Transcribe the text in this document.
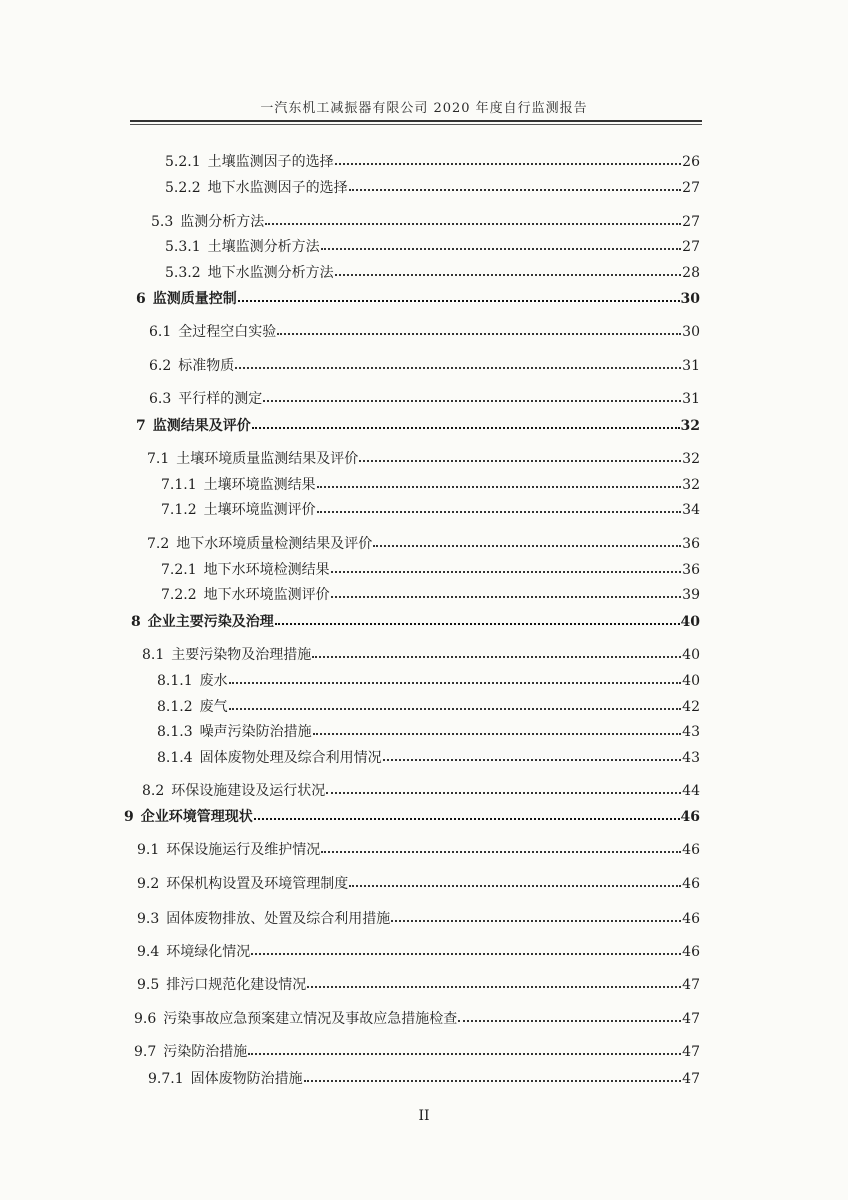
一汽东机工减振器有限公司 2020 年度自行监测报告
5.2.1 土壤监测因子的选择	26
5.2.2 地下水监测因子的选择	27
5.3 监测分析方法	27
5.3.1 土壤监测分析方法	27
5.3.2 地下水监测分析方法	28
6 监测质量控制	30
6.1 全过程空白实验	30
6.2 标准物质	31
6.3 平行样的测定	31
7 监测结果及评价	32
7.1 土壤环境质量监测结果及评价	32
7.1.1 土壤环境监测结果	32
7.1.2 土壤环境监测评价	34
7.2 地下水环境质量检测结果及评价	36
7.2.1 地下水环境检测结果	36
7.2.2 地下水环境监测评价	39
8 企业主要污染及治理	40
8.1 主要污染物及治理措施	40
8.1.1 废水	40
8.1.2 废气	42
8.1.3 噪声污染防治措施	43
8.1.4 固体废物处理及综合利用情况	43
8.2 环保设施建设及运行状况	44
9 企业环境管理现状	46
9.1 环保设施运行及维护情况	46
9.2 环保机构设置及环境管理制度	46
9.3 固体废物排放、处置及综合利用措施	46
9.4 环境绿化情况	46
9.5 排污口规范化建设情况	47
9.6 污染事故应急预案建立情况及事故应急措施检查	47
9.7 污染防治措施	47
9.7.1 固体废物防治措施	47
II
